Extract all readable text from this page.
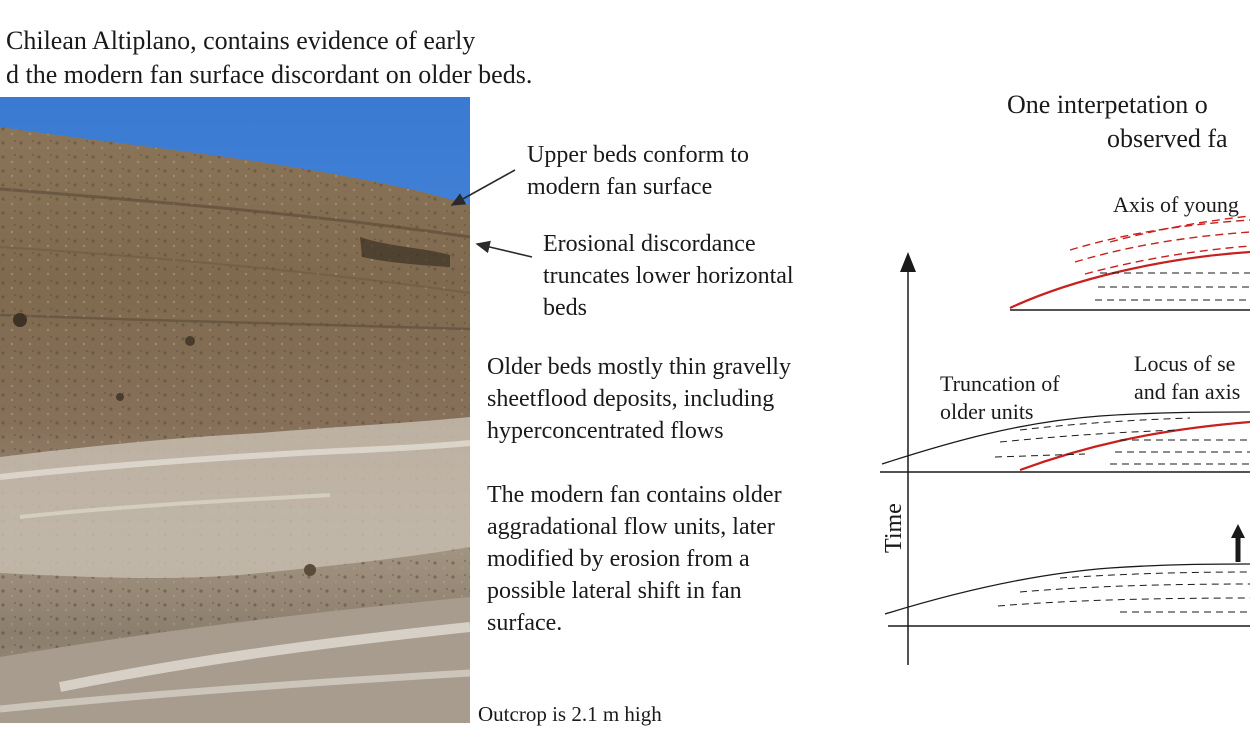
Chilean Altiplano, contains evidence of early
d the modern fan surface discordant on older beds.
Upper beds conform to
modern fan surface
Erosional discordance
truncates lower horizontal
beds
Older beds mostly thin gravelly
sheetflood deposits, including
hyperconcentrated flows
The modern fan contains older
aggradational flow units, later
modified by erosion from a
possible lateral shift in fan
surface.
Outcrop is 2.1 m high
One interpetation o
observed fa
Axis of young
Truncation of
older units
Locus of se
and fan axis
Time
